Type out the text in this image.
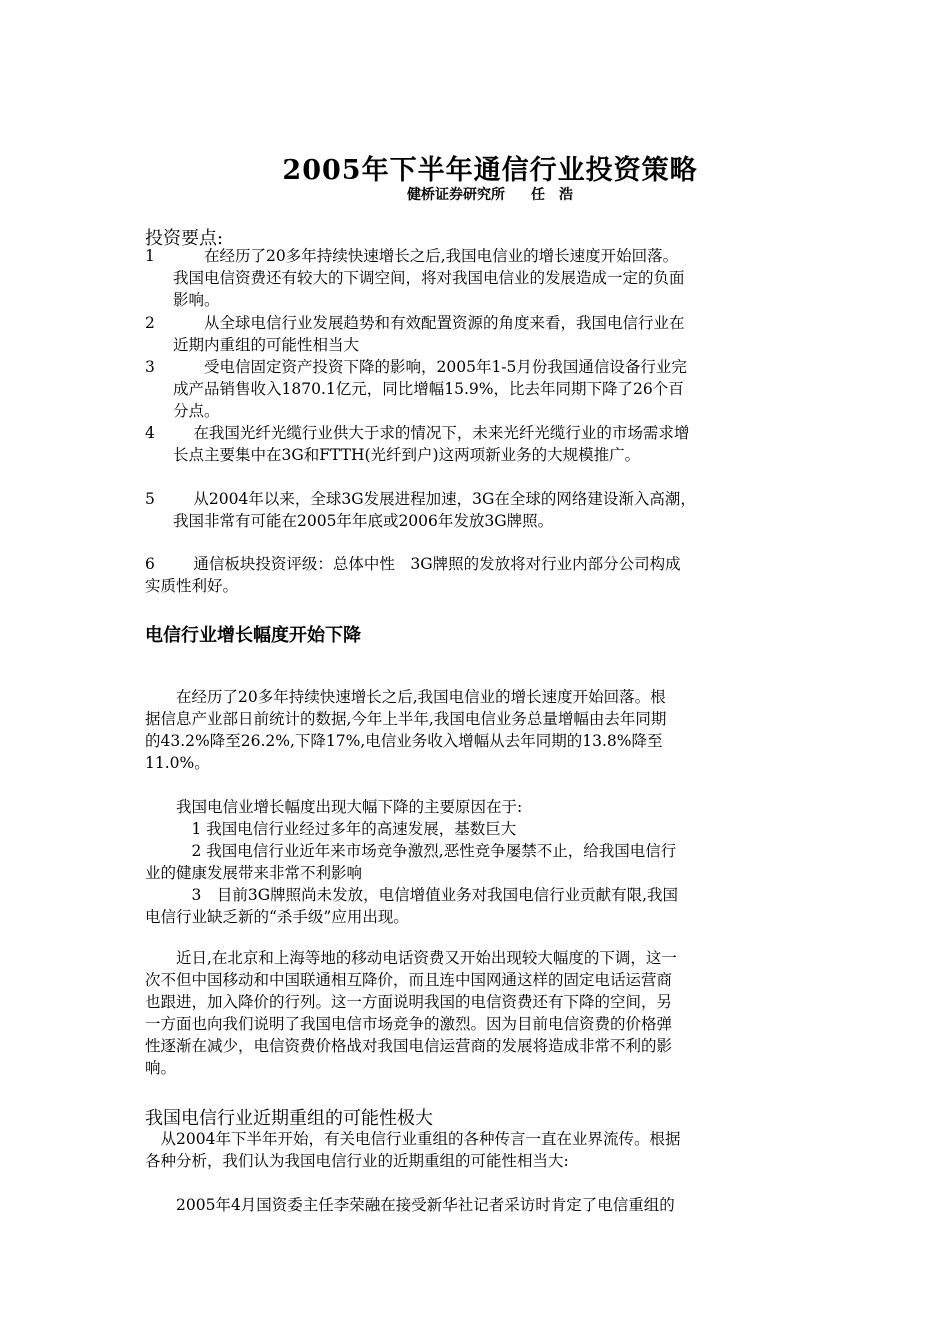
2005年下半年通信行业投资策略
健桥证券研究所 任　浩
投资要点:
1　　在经历了20多年持续快速增长之后,我国电信业的增长速度开始回落。
我国电信资费还有较大的下调空间，将对我国电信业的发展造成一定的负面
影响。
2　　从全球电信行业发展趋势和有效配置资源的角度来看，我国电信行业在
近期内重组的可能性相当大
3　　受电信固定资产投资下降的影响，2005年1-5月份我国通信设备行业完
成产品销售收入1870.1亿元，同比增幅15.9%，比去年同期下降了26个百
分点。
4　 在我国光纤光缆行业供大于求的情况下，未来光纤光缆行业的市场需求增
长点主要集中在3G和FTTH(光纤到户)这两项新业务的大规模推广。
5　 从2004年以来，全球3G发展进程加速，3G在全球的网络建设渐入高潮，
我国非常有可能在2005年年底或2006年发放3G牌照。
6　 通信板块投资评级：总体中性　3G牌照的发放将对行业内部分公司构成
实质性利好。
电信行业增长幅度开始下降
　　在经历了20多年持续快速增长之后,我国电信业的增长速度开始回落。根
据信息产业部日前统计的数据,今年上半年,我国电信业务总量增幅由去年同期
的43.2%降至26.2%,下降17%,电信业务收入增幅从去年同期的13.8%降至
11.0%。
　　我国电信业增长幅度出现大幅下降的主要原因在于:
　　　1 我国电信行业经过多年的高速发展，基数巨大
　　　2 我国电信行业近年来市场竞争激烈,恶性竞争屡禁不止，给我国电信行
业的健康发展带来非常不利影响
　　　3　目前3G牌照尚未发放，电信增值业务对我国电信行业贡献有限,我国
电信行业缺乏新的“杀手级”应用出现。
　　近日,在北京和上海等地的移动电话资费又开始出现较大幅度的下调，这一
次不但中国移动和中国联通相互降价，而且连中国网通这样的固定电话运营商
也跟进，加入降价的行列。这一方面说明我国的电信资费还有下降的空间，另
一方面也向我们说明了我国电信市场竞争的激烈。因为目前电信资费的价格弹
性逐渐在减少，电信资费价格战对我国电信运营商的发展将造成非常不利的影
响。
我国电信行业近期重组的可能性极大
　从2004年下半年开始，有关电信行业重组的各种传言一直在业界流传。根据
各种分析，我们认为我国电信行业的近期重组的可能性相当大:
　　2005年4月国资委主任李荣融在接受新华社记者采访时肯定了电信重组的
